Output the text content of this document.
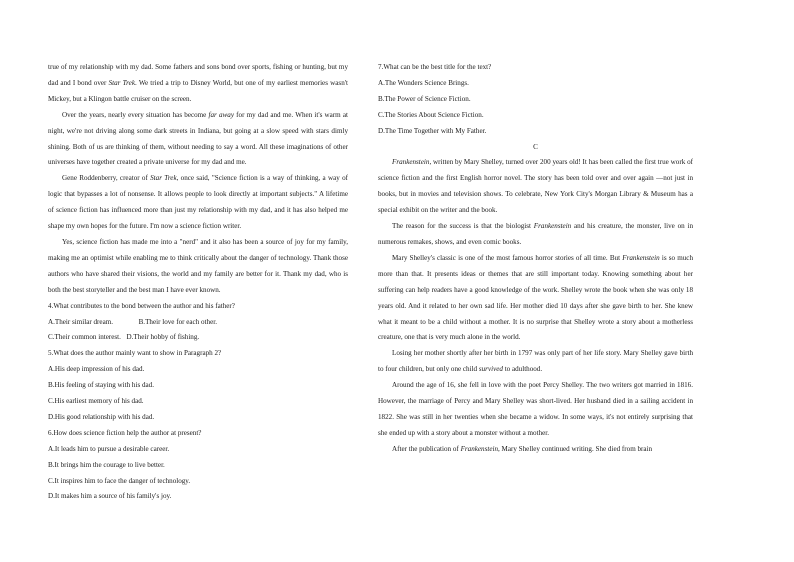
true of my relationship with my dad. Some fathers and sons bond over sports, fishing or hunting, but my dad and I bond over Star Trek. We tried a trip to Disney World, but one of my earliest memories wasn't Mickey, but a Klingon battle cruiser on the screen.

Over the years, nearly every situation has become far away for my dad and me. When it's warm at night, we're not driving along some dark streets in Indiana, but going at a slow speed with stars dimly shining. Both of us are thinking of them, without needing to say a word. All these imaginations of other universes have together created a private universe for my dad and me.

Gene Roddenberry, creator of Star Trek, once said, "Science fiction is a way of thinking, a way of logic that bypasses a lot of nonsense. It allows people to look directly at important subjects." A lifetime of science fiction has influenced more than just my relationship with my dad, and it has also helped me shape my own hopes for the future. I'm now a science fiction writer.

Yes, science fiction has made me into a "nerd" and it also has been a source of joy for my family, making me an optimist while enabling me to think critically about the danger of technology. Thank those authors who have shared their visions, the world and my family are better for it. Thank my dad, who is both the best storyteller and the best man I have ever known.

4.What contributes to the bond between the author and his father?
A.Their similar dream.	B.Their love for each other.
C.Their common interest. D.Their hobby of fishing.
5.What does the author mainly want to show in Paragraph 2?
A.His deep impression of his dad.
B.His feeling of staying with his dad.
C.His earliest memory of his dad.
D.His good relationship with his dad.
6.How does science fiction help the author at present?
A.It leads him to pursue a desirable career.
B.It brings him the courage to live better.
C.It inspires him to face the danger of technology.
D.It makes him a source of his family's joy.
7.What can be the best title for the text?
A.The Wonders Science Brings.
B.The Power of Science Fiction.
C.The Stories About Science Fiction.
D.The Time Together with My Father.
C

Frankenstein, written by Mary Shelley, turned over 200 years old! It has been called the first true work of science fiction and the first English horror novel. The story has been told over and over again —not just in books, but in movies and television shows. To celebrate, New York City's Morgan Library & Museum has a special exhibit on the writer and the book.

The reason for the success is that the biologist Frankenstein and his creature, the monster, live on in numerous remakes, shows, and even comic books.

Mary Shelley's classic is one of the most famous horror stories of all time. But Frankenstein is so much more than that. It presents ideas or themes that are still important today. Knowing something about her suffering can help readers have a good knowledge of the work. Shelley wrote the book when she was only 18 years old. And it related to her own sad life. Her mother died 10 days after she gave birth to her. She knew what it meant to be a child without a mother. It is no surprise that Shelley wrote a story about a motherless creature, one that is very much alone in the world.

Losing her mother shortly after her birth in 1797 was only part of her life story. Mary Shelley gave birth to four children, but only one child survived to adulthood.

Around the age of 16, she fell in love with the poet Percy Shelley. The two writers got married in 1816. However, the marriage of Percy and Mary Shelley was short-lived. Her husband died in a sailing accident in 1822. She was still in her twenties when she became a widow. In some ways, it's not entirely surprising that she ended up with a story about a monster without a mother.

After the publication of Frankenstein, Mary Shelley continued writing. She died from brain
